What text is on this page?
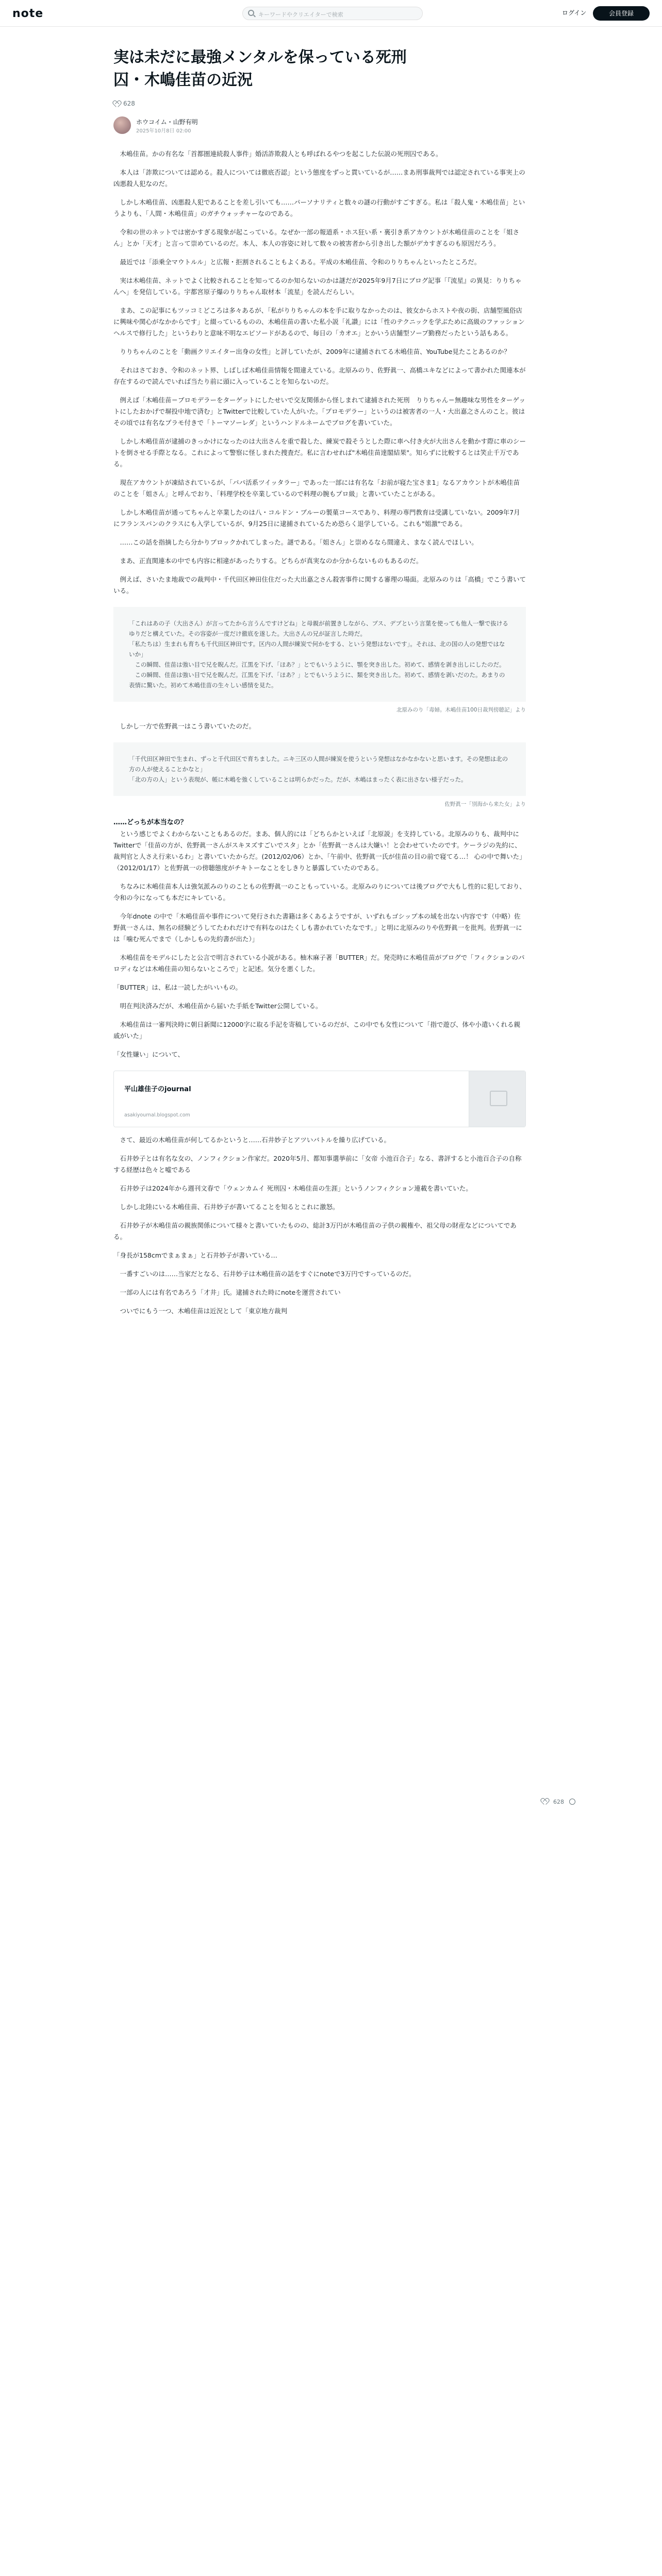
note	キーワードやクリエイターで検索	ログイン	会員登録
実は未だに最強メンタルを保っている死刑
囚・木嶋佳苗の近況
628
ホウコイム・山野有明
2025年10月8日 02:00

　木嶋佳苗。かの有名な「首都圏連続殺人事件」婚活詐欺殺人とも呼ばれるやつを起こした伝説の死刑囚である。

　本人は「詐欺については認める。殺人については徹底否認」という態度をずっと貫いているが……まあ刑事裁判では認定されている事実上の凶悪殺人犯なのだ。

　しかし木嶋佳苗、凶悪殺人犯であることを差し引いても……パーソナリティと数々の謎の行動がすごすぎる。私は「殺人鬼・木嶋佳苗」というよりも、「人間・木嶋佳苗」のガチウォッチャーなのである。

　令和の世のネットでは密かすぎる現象が起こっている。なぜか一部の報道系・ホス狂い系・裏引き系アカウントが木嶋佳苗のことを「姐さん」とか「天才」と言って崇めているのだ。本人、本人の容姿に対して数々の被害者から引き出した額がデカすぎるのも原因だろう。

　最近では「添乗全マウトルル」と広報・拒割されることもよくある。平成の木嶋佳苗、令和のりりちゃんといったところだ。

　実は木嶋佳苗、ネットでよく比較されることを知ってるのか知らないのかは謎だが2025年9月7日にブログ記事「『流星』の異見：りりちゃんへ」を発信している。宇都宮原子爆のりりちゃん取材本「流星」を読んだらしい。

　まあ、この記事にもツッコミどころは多々あるが、「私がりりちゃんの本を手に取りなかったのは、彼女からホストや夜の街、店舗型風俗店に興味や関心がなかからです」と綴っているものの、木嶋佳苗の書いた私小説「礼讃」には「性のテクニックを学ぶために高級のファッションヘルスで修行した」というわりと意味不明なエピソードがあるので、毎日の「カオエ」とかいう店舗型ソープ勤務だったという話もある。

　りりちゃんのことを「動画クリエイター出身の女性」と評していたが、2009年に逮捕されてる木嶋佳苗、YouTube見たことあるのか？

　それはさておき、令和のネット界、しばしば木嶋佳苗情報を間違えている。北原みのり、佐野眞一、高橋ユキなどによって書かれた関連本が存在するので読んでいれば当たり前に頭に入っていることを知らないのだ。

　例えば「木嶋佳苗＝ブロモデラーをターゲットにしたせいで交友関係から怪しまれて逮捕された死刑　りりちゃん＝無趣味な男性をターゲットにしたおかげで塀投中地で済む」とTwitterで比較していた人がいた。「プロモデラー」というのは被害者の一人・大出嘉之さんのこと。彼はその頃では有名なプラモ付きで「トーマソーレダ」というハンドルネームでブログを書いていた。

　しかし木嶋佳苗が逮捕のきっかけになったのは大出さんを重で殺した、練炭で殺そうとした際に車へ付き火が大出さんを動かす際に車のシートを倒させる手際となる。これによって警察に怪しまれた捜査だ。私に言わせれば"木嶋佳苗達閣結果"。知らずに比較するとは笑止千万である。

　現在アカウントが凍結されているが、「パパ活系ツイッタラー」であった一部には有名な「お前が寝た宝さま1」なるアカウントが木嶋佳苗のことを「姐さん」と呼んでおり、「料理学校を卒業しているので料理の腕もプロ級」と書いていたことがある。

　しかし木嶋佳苗が通ってちゃんと卒業したのは八・コルドン・ブルーの製菓コースであり、料理の専門教育は受講していない。2009年7月にフランスパンのクラスにも入学しているが、9月25日に逮捕されているため恐らく退学している。これも"姐激"である。

　……この話を指摘したら分かりブロックかれてしまった。謎である。「姐さん」と崇めるなら間違え、まなく読んでほしい。

　まあ、正直関連本の中でも内容に相違があったりする。どちらが真実なのか分からないものもあるのだ。

　例えば、さいたま地裁での裁判中・千代田区神田住住だった大出嘉之さん殺害事件に関する審理の場面。北原みのりは「高橋」でこう書いている。

「これはあの子（大出さん）が言ってたから言うんですけどね」と母親が前置きしながら、ブス、デブという言葉を使っても他人一撃で抜けるゆりだと構えていた。その容姿が一度だけ徹底を遂した。大出さんの兄が証言した時だ。

「私たちは）生まれも育ちも千代田区神田です。区内の人間が練炭で何かをする、という発想はないです」。それは、北の国の人の発想ではないか」

　この瞬間、佳苗は強い目で兄を睨んだ。江黒を下げ、「ほあ？」とでもいうように、顎を突き出した。初めて、感情を剥き出しにしたのだ。

　この瞬間、佳苗は強い目で兄を睨んだ。江黒を下げ、「ほあ？」とでもいうように、類を突き出した。初めて、感情を剥いだのた。あまりの表情に驚いた。初めて木嶋佳苗の生々しい感情を見た。

北原みのり「毒婦。木嶋佳苗100日裁判傍聴記」より

　しかし一方で佐野眞一はこう書いていたのだ。

「千代田区神田で生まれ、ずっと千代田区で育ちました。ニキ三区の人間が練炭を使うという発想はなかなかないと思います。その発想は北の方の人が使えることかなと」

「北の方の人」という表現が、帳に木嶋を強くしていることは明らかだった。だが、木嶋はまったく表に出さない様子だった。

佐野眞一「別海から来た女」より
……どっちが本当なの？

　という感じでよくわからないこともあるのだ。まあ、個人的には「どちらかといえば「北原説」を支持している。北原みのりも、裁判中にTwitterで「佳苗の方が、佐野眞一さんがスキヌズすごいでスタ」とか「佐野眞一さんは大嫌い！と会わせていたのです。ケーラジの先約に、裁判官と人さえ行来いるわ」と書いていたからだ。(2012/02/06）とか、「午前中、佐野眞一氏が佳苗の目の前で寝てる…！ 心の中で舞いた」（2012/01/17）と佐野眞一の傍聴態度がチキトーなことをしきりと暴露していたのである。

　ちなみに木嶋佳苗本人は強気派みのりのこともの佐野眞一のこともっていいる。北原みのりについては後ブログで大もし性的に犯しており、令和の今になっても本だにキレている。

　今年dnote の中で「木嶋佳苗や事件について発行された書籍は多くあるようですが、いずれもゴシップ本の域を出ない内容です（中略）佐野眞一さんは、無名の経験どうしてたわれだけで有料なのはたくしも書かれていたなです。」と明に北原みのりや佐野眞一を批判。佐野眞一には「噛む死んでまで（しかしもの先約書が出た）」

　木嶋佳苗をモデルにしたと公言で明言されている小説がある。柚木麻子著「BUTTER」だ。発売時に木嶋佳苗がブログで「フィクションのパロディなどは木嶋佳苗の知らないところで」と記述。気分を悪くした。

「BUTTER」は、私は一読したがいいもの。

　明在判決済みだが、木嶋佳苗から届いた手紙をTwitter公開している。

　木嶋佳苗は一審判決時に朝日新聞に12000字に取る手記を寄稿しているのだが、この中でも女性について「指で遊び、体や小遣いくれる親戚がいた」

「女性嫌い」について、

平山雄佳子のjournal
asakiyournal.blogspot.com

　さて、最近の木嶋佳苗が何してるかというと……石井妙子とアツいバトルを繰り広げている。

　石井妙子とは有名な女の、ノンフィクション作家だ。2020年5月、都知事選挙前に「女帝 小池百合子」なる、書評すると小池百合子の自称する経歴は色々と嘘である

　石井妙子は2024年から週刊文春で「ウェンカムイ 死刑囚・木嶋佳苗の生涯」というノンフィクション連載を書いていた。

　しかし北陸にいる木嶋佳苗、石井妙子が書いてることを知るとこれに激怒。

　石井妙子が木嶋佳苗の親族関係について様々と書いていたものの、総計3万円が木嶋佳苗の子供の親権や、祖父母の財産などについてである。

「身長が158cmでまぁまぁ」と石井妙子が書いている…

　一番すごいのは……当家だとなる、石井妙子は木嶋佳苗の話をすぐにnoteで3万円ですっているのだ。

　一部の人には有名であろう「才井」氏。逮捕された時にnoteを運営されてい

　ついでにもう一つ、木嶋佳苗は近況として「東京地方裁判

628
